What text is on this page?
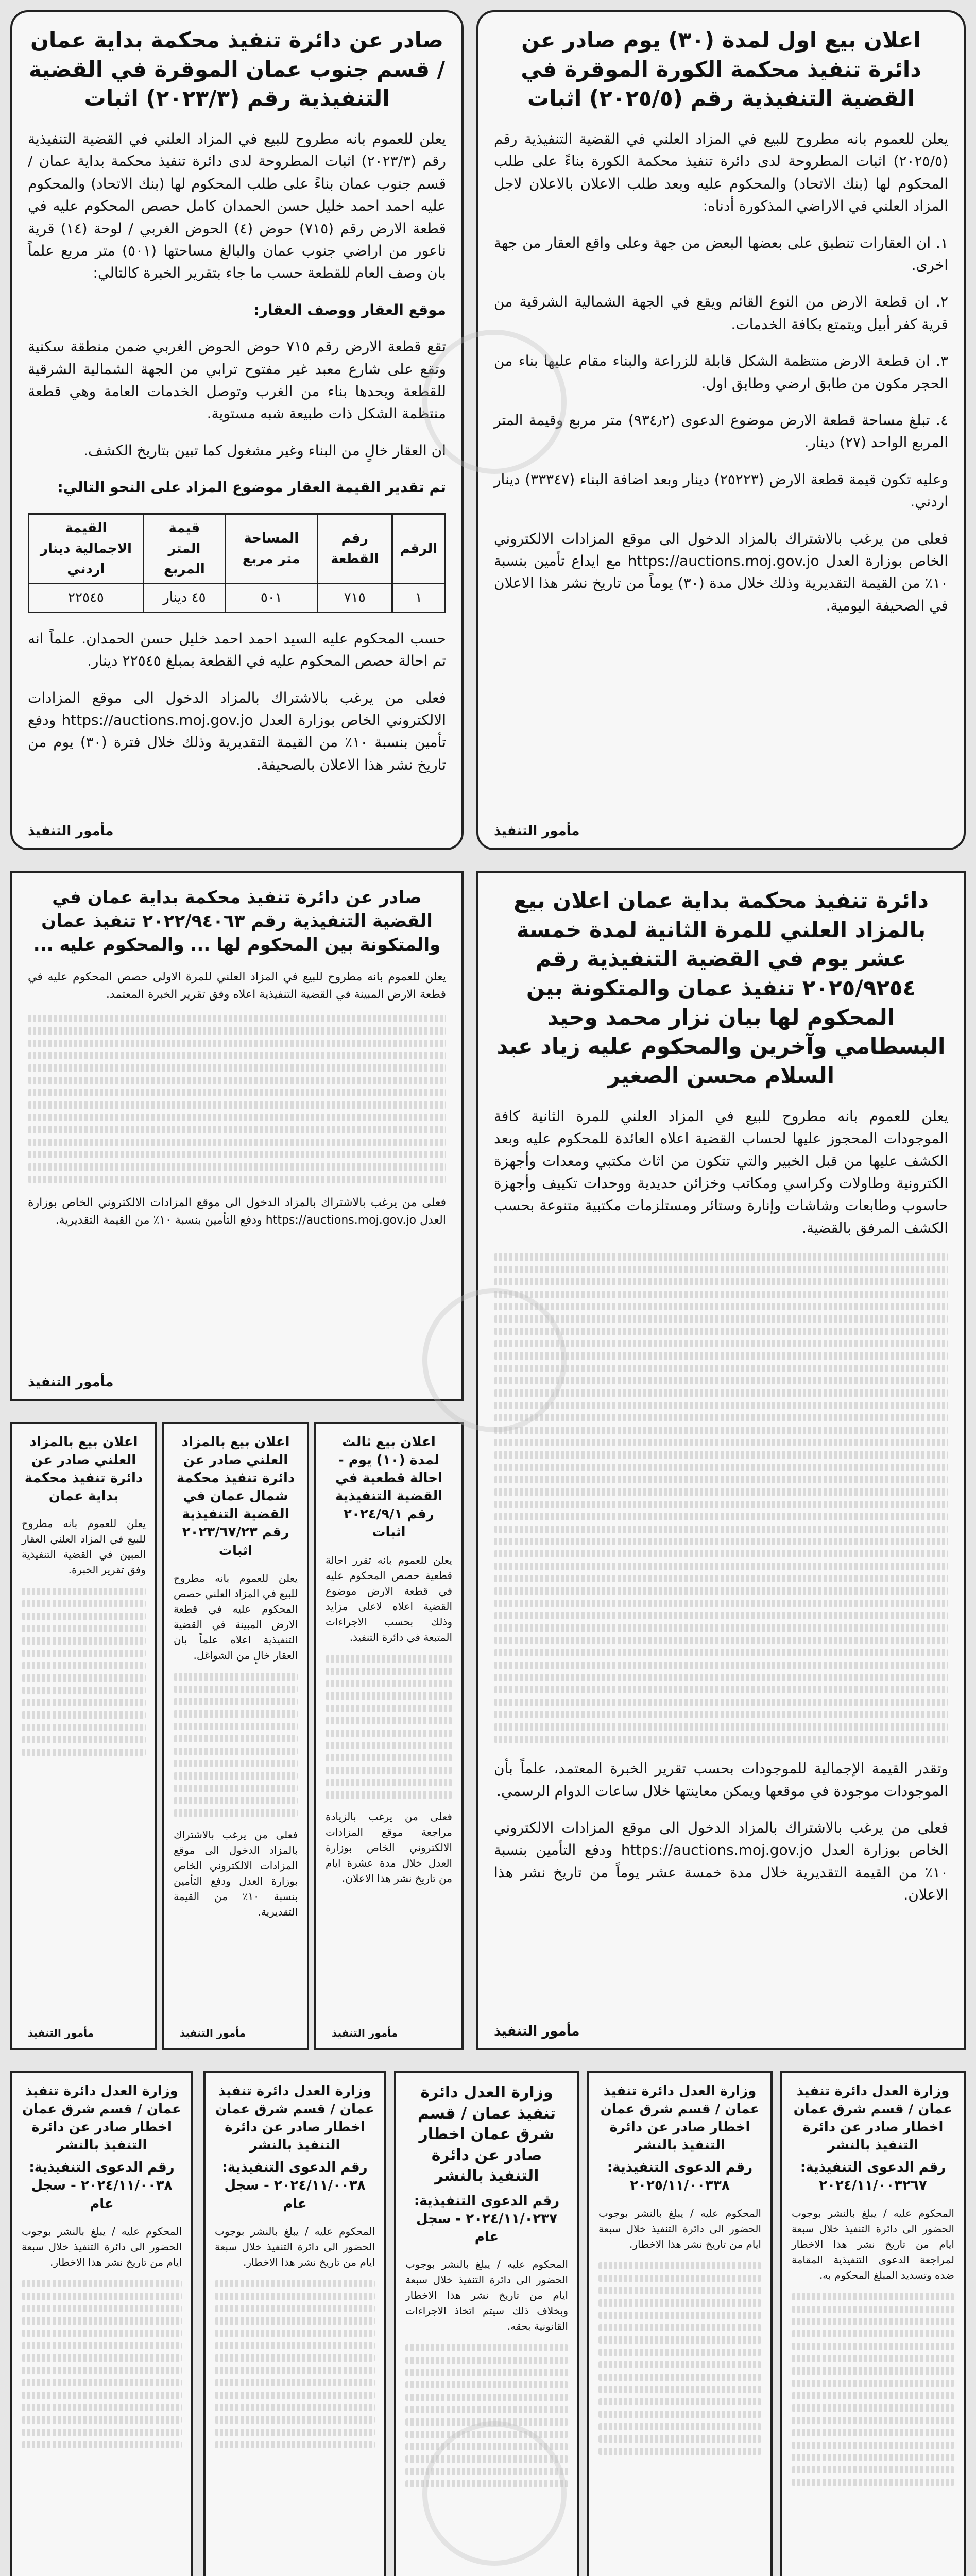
اعلان بيع اول لمدة (٣٠) يوم صادر عن دائرة تنفيذ محكمة الكورة الموقرة في القضية التنفيذية رقم (٢٠٢٥/٥) اثبات

يعلن للعموم بانه مطروح للبيع في المزاد العلني في القضية التنفيذية رقم (٢٠٢٥/٥) اثبات المطروحة لدى دائرة تنفيذ محكمة الكورة بناءً على طلب المحكوم لها (بنك الاتحاد) والمحكوم عليه وبعد طلب الاعلان بالاعلان لاجل المزاد العلني في الاراضي المذكورة أدناه:

١. ان العقارات تنطبق على بعضها البعض من جهة وعلى واقع العقار من جهة اخرى.

٢. ان قطعة الارض من النوع القائم ويقع في الجهة الشمالية الشرقية من قرية كفر أبيل ويتمتع بكافة الخدمات.

٣. ان قطعة الارض منتظمة الشكل قابلة للزراعة والبناء مقام عليها بناء من الحجر مكون من طابق ارضي وطابق اول.

٤. تبلغ مساحة قطعة الارض موضوع الدعوى (٩٣٤٫٢) متر مربع وقيمة المتر المربع الواحد (٢٧) دينار.

وعليه تكون قيمة قطعة الارض (٢٥٢٢٣) دينار وبعد اضافة البناء (٣٣٣٤٧) دينار اردني.

فعلى من يرغب بالاشتراك بالمزاد الدخول الى موقع المزادات الالكتروني الخاص بوزارة العدل https://auctions.moj.gov.jo مع ايداع تأمين بنسبة ١٠٪ من القيمة التقديرية وذلك خلال مدة (٣٠) يوماً من تاريخ نشر هذا الاعلان في الصحيفة اليومية.

مأمور التنفيذ
صادر عن دائرة تنفيذ محكمة بداية عمان / قسم جنوب عمان الموقرة في القضية التنفيذية رقم (٢٠٢٣/٣) اثبات

يعلن للعموم بانه مطروح للبيع في المزاد العلني في القضية التنفيذية رقم (٢٠٢٣/٣) اثبات المطروحة لدى دائرة تنفيذ محكمة بداية عمان / قسم جنوب عمان بناءً على طلب المحكوم لها (بنك الاتحاد) والمحكوم عليه احمد احمد خليل حسن الحمدان كامل حصص المحكوم عليه في قطعة الارض رقم (٧١٥) حوض (٤) الحوض الغربي / لوحة (١٤) قرية ناعور من اراضي جنوب عمان والبالغ مساحتها (٥٠١) متر مربع علماً بان وصف العام للقطعة حسب ما جاء بتقرير الخبرة كالتالي:

موقع العقار ووصف العقار:

تقع قطعة الارض رقم ٧١٥ حوض الحوض الغربي ضمن منطقة سكنية وتقع على شارع معبد غير مفتوح ترابي من الجهة الشمالية الشرقية للقطعة ويحدها بناء من الغرب وتوصل الخدمات العامة وهي قطعة منتظمة الشكل ذات طبيعة شبه مستوية.

ان العقار خالٍ من البناء وغير مشغول كما تبين بتاريخ الكشف.

تم تقدير القيمة العقار موضوع المزاد على النحو التالي:

الرقم	رقم القطعة	المساحة متر مربع	قيمة المتر المربع	القيمة الاجمالية دينار اردني
١	٧١٥	٥٠١	٤٥ دينار	٢٢٥٤٥

حسب المحكوم عليه السيد احمد احمد خليل حسن الحمدان. علماً انه تم احالة حصص المحكوم عليه في القطعة بمبلغ ٢٢٥٤٥ دينار.

فعلى من يرغب بالاشتراك بالمزاد الدخول الى موقع المزادات الالكتروني الخاص بوزارة العدل https://auctions.moj.gov.jo ودفع تأمين بنسبة ١٠٪ من القيمة التقديرية وذلك خلال فترة (٣٠) يوم من تاريخ نشر هذا الاعلان بالصحيفة.

مأمور التنفيذ
دائرة تنفيذ محكمة بداية عمان اعلان بيع بالمزاد العلني للمرة الثانية لمدة خمسة عشر يوم في القضية التنفيذية رقم ٢٠٢٥/٩٢٥٤ تنفيذ عمان والمتكونة بين المحكوم لها بيان نزار محمد وحيد البسطامي وآخرين والمحكوم عليه زياد عبد السلام محسن الصغير

يعلن للعموم بانه مطروح للبيع في المزاد العلني للمرة الثانية كافة الموجودات المحجوز عليها لحساب القضية اعلاه العائدة للمحكوم عليه وبعد الكشف عليها من قبل الخبير والتي تتكون من اثاث مكتبي ومعدات وأجهزة الكترونية وطاولات وكراسي ومكاتب وخزائن حديدية ووحدات تكييف وأجهزة حاسوب وطابعات وشاشات وإنارة وستائر ومستلزمات مكتبية متنوعة بحسب الكشف المرفق بالقضية.

وتقدر القيمة الإجمالية للموجودات بحسب تقرير الخبرة المعتمد، علماً بأن الموجودات موجودة في موقعها ويمكن معاينتها خلال ساعات الدوام الرسمي.

فعلى من يرغب بالاشتراك بالمزاد الدخول الى موقع المزادات الالكتروني الخاص بوزارة العدل https://auctions.moj.gov.jo ودفع التأمين بنسبة ١٠٪ من القيمة التقديرية خلال مدة خمسة عشر يوماً من تاريخ نشر هذا الاعلان.

مأمور التنفيذ
صادر عن دائرة تنفيذ محكمة بداية عمان في القضية التنفيذية رقم ٢٠٢٢/٩٤٠٦٣ تنفيذ عمان والمتكونة بين المحكوم لها ... والمحكوم عليه ...

يعلن للعموم بانه مطروح للبيع في المزاد العلني للمرة الاولى حصص المحكوم عليه في قطعة الارض المبينة في القضية التنفيذية اعلاه وفق تقرير الخبرة المعتمد.

فعلى من يرغب بالاشتراك بالمزاد الدخول الى موقع المزادات الالكتروني الخاص بوزارة العدل https://auctions.moj.gov.jo ودفع التأمين بنسبة ١٠٪ من القيمة التقديرية.

مأمور التنفيذ
اعلان بيع ثالث لمدة (١٠) يوم - احالة قطعية في القضية التنفيذية رقم ٢٠٢٤/٩/١ اثبات

يعلن للعموم بانه تقرر احالة قطعية حصص المحكوم عليه في قطعة الارض موضوع القضية اعلاه لاعلى مزايد وذلك بحسب الاجراءات المتبعة في دائرة التنفيذ.

فعلى من يرغب بالزيادة مراجعة موقع المزادات الالكتروني الخاص بوزارة العدل خلال مدة عشرة ايام من تاريخ نشر هذا الاعلان.

مأمور التنفيذ
اعلان بيع بالمزاد العلني صادر عن دائرة تنفيذ محكمة شمال عمان في القضية التنفيذية رقم ٢٠٢٣/٦٧/٢٣ اثبات

يعلن للعموم بانه مطروح للبيع في المزاد العلني حصص المحكوم عليه في قطعة الارض المبينة في القضية التنفيذية اعلاه علماً بان العقار خالٍ من الشواغل.

فعلى من يرغب بالاشتراك بالمزاد الدخول الى موقع المزادات الالكتروني الخاص بوزارة العدل ودفع التأمين بنسبة ١٠٪ من القيمة التقديرية.

مأمور التنفيذ
اعلان بيع بالمزاد العلني صادر عن دائرة تنفيذ محكمة بداية عمان

يعلن للعموم بانه مطروح للبيع في المزاد العلني العقار المبين في القضية التنفيذية وفق تقرير الخبرة.

مأمور التنفيذ
وزارة العدل دائرة تنفيذ عمان / قسم شرق عمان اخطار صادر عن دائرة التنفيذ بالنشر
رقم الدعوى التنفيذية: ٢٠٢٤/١١/٠٠٣٢٦٧

المحكوم عليه / يبلغ بالنشر بوجوب الحضور الى دائرة التنفيذ خلال سبعة ايام من تاريخ نشر هذا الاخطار لمراجعة الدعوى التنفيذية المقامة ضده وتسديد المبلغ المحكوم به.

وزارة العدل دائرة تنفيذ عمان / قسم شرق عمان اخطار صادر عن دائرة التنفيذ بالنشر
رقم الدعوى التنفيذية: ٢٠٢٥/١١/٠٠٣٣٨

المحكوم عليه / يبلغ بالنشر بوجوب الحضور الى دائرة التنفيذ خلال سبعة ايام من تاريخ نشر هذا الاخطار.

وزارة العدل دائرة تنفيذ عمان / قسم شرق عمان اخطار صادر عن دائرة التنفيذ بالنشر
رقم الدعوى التنفيذية: ٢٠٢٤/١١/٠٢٣٧ - سجل عام

المحكوم عليه / يبلغ بالنشر بوجوب الحضور الى دائرة التنفيذ خلال سبعة ايام من تاريخ نشر هذا الاخطار وبخلاف ذلك سيتم اتخاذ الاجراءات القانونية بحقه.

وزارة العدل دائرة تنفيذ عمان / قسم شرق عمان اخطار صادر عن دائرة التنفيذ بالنشر
رقم الدعوى التنفيذية: ٢٠٢٤/١١/٠٠٣٨ - سجل عام

المحكوم عليه / يبلغ بالنشر بوجوب الحضور الى دائرة التنفيذ خلال سبعة ايام من تاريخ نشر هذا الاخطار.

وزارة العدل دائرة تنفيذ عمان / قسم شرق عمان اخطار صادر عن دائرة التنفيذ بالنشر
رقم الدعوى التنفيذية: ٢٠٢٤/١١/٠٠٣٨ - سجل عام

المحكوم عليه / يبلغ بالنشر بوجوب الحضور الى دائرة التنفيذ خلال سبعة ايام من تاريخ نشر هذا الاخطار.
